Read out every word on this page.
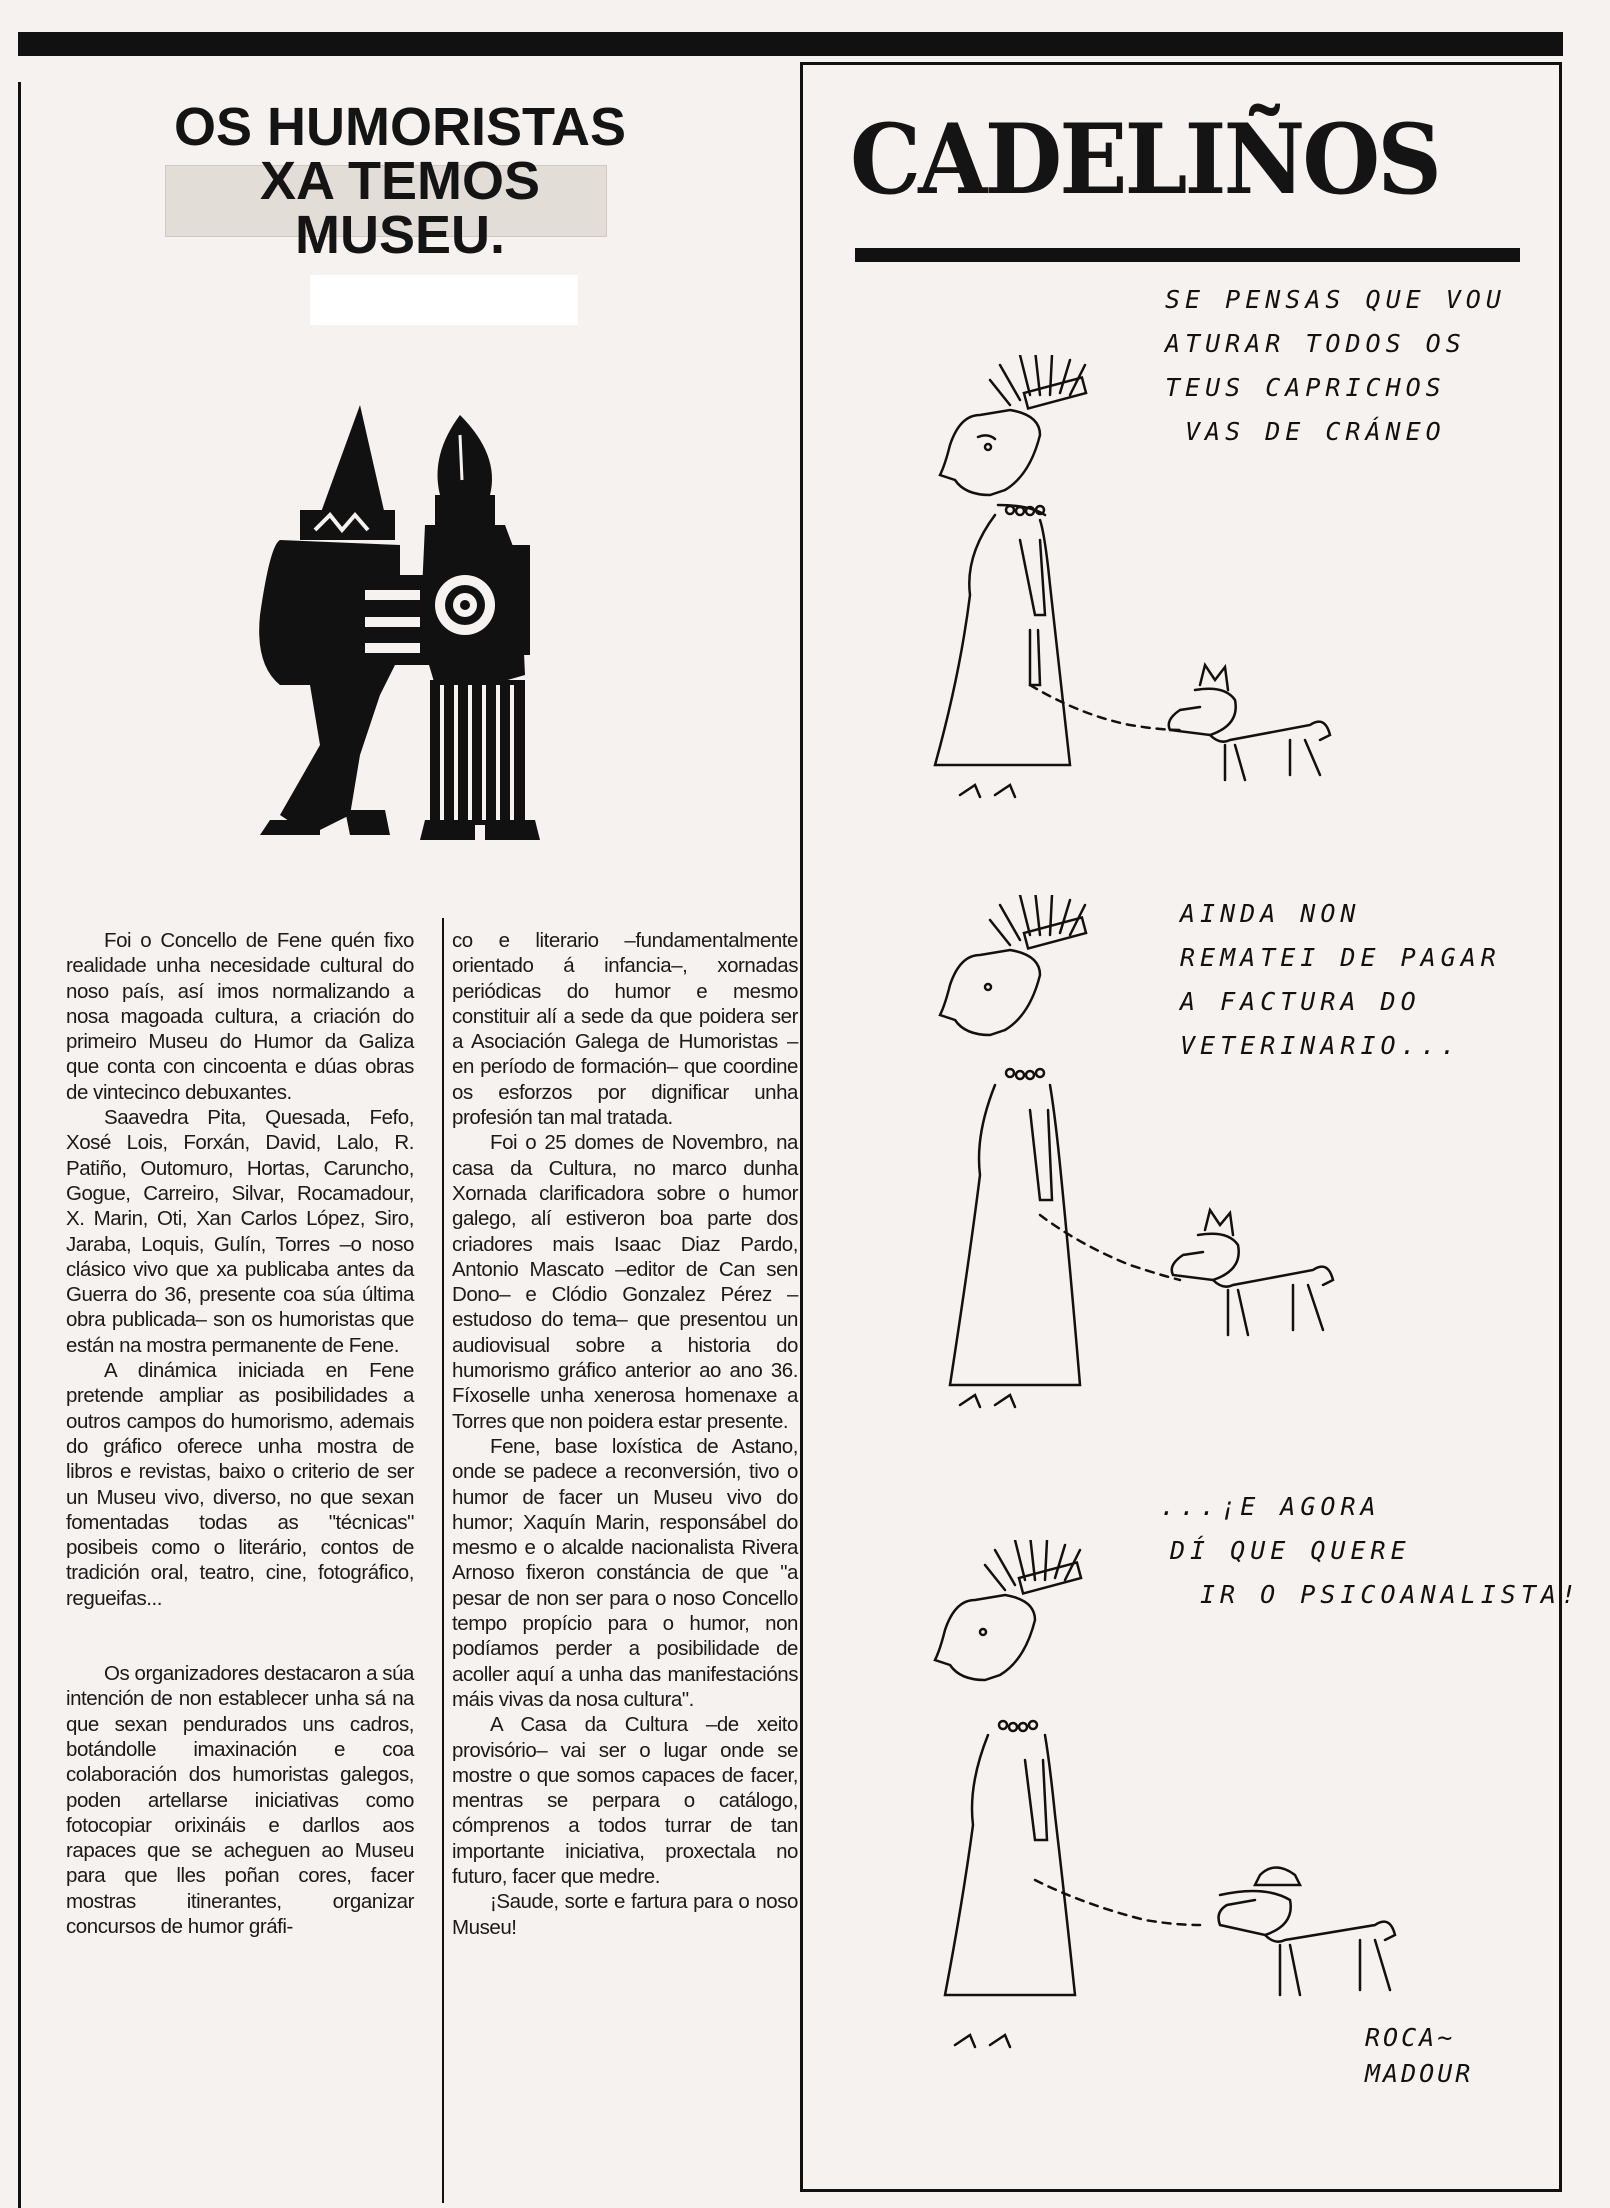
OS HUMORISTAS
XA TEMOS
MUSEU.

Foi o Concello de Fene quén fixo realidade unha necesidade cultural do noso país, así imos normalizando a nosa magoada cultura, a criación do primeiro Museu do Humor da Galiza que conta con cincoenta e dúas obras de vintecinco debuxantes.

Saavedra Pita, Quesada, Fefo, Xosé Lois, Forxán, David, Lalo, R. Patiño, Outomuro, Hortas, Caruncho, Gogue, Carreiro, Silvar, Rocamadour, X. Marin, Oti, Xan Carlos López, Siro, Jaraba, Loquis, Gulín, Torres –o noso clásico vivo que xa publicaba antes da Guerra do 36, presente coa súa última obra publicada– son os humoristas que están na mostra permanente de Fene.

A dinámica iniciada en Fene pretende ampliar as posibilidades a outros campos do humorismo, ademais do gráfico oferece unha mostra de libros e revistas, baixo o criterio de ser un Museu vivo, diverso, no que sexan fomentadas todas as "técnicas" posibeis como o literário, contos de tradición oral, teatro, cine, fotográfico, regueifas...

Os organizadores destacaron a súa intención de non establecer unha sá na que sexan pendurados uns cadros, botándolle imaxinación e coa colaboración dos humoristas galegos, poden artellarse iniciativas como fotocopiar orixináis e darllos aos rapaces que se acheguen ao Museu para que lles poñan cores, facer mostras itinerantes, organizar concursos de humor gráfi-

co e literario –fundamentalmente orientado á infancia–, xornadas periódicas do humor e mesmo constituir alí a sede da que poidera ser a Asociación Galega de Humoristas –en período de formación– que coordine os esforzos por dignificar unha profesión tan mal tratada.

Foi o 25 domes de Novembro, na casa da Cultura, no marco dunha Xornada clarificadora sobre o humor galego, alí estiveron boa parte dos criadores mais Isaac Diaz Pardo, Antonio Mascato –editor de Can sen Dono– e Clódio Gonzalez Pérez –estudoso do tema– que presentou un audiovisual sobre a historia do humorismo gráfico anterior ao ano 36. Fíxoselle unha xenerosa homenaxe a Torres que non poidera estar presente.

Fene, base loxística de Astano, onde se padece a reconversión, tivo o humor de facer un Museu vivo do humor; Xaquín Marin, responsábel do mesmo e o alcalde nacionalista Rivera Arnoso fixeron constáncia de que "a pesar de non ser para o noso Concello tempo propício para o humor, non podíamos perder a posibilidade de acoller aquí a unha das manifestacións máis vivas da nosa cultura".

A Casa da Cultura –de xeito provisório– vai ser o lugar onde se mostre o que somos capaces de facer, mentras se perpara o catálogo, cómprenos a todos turrar de tan importante iniciativa, proxectala no futuro, facer que medre.

¡Saude, sorte e fartura para o noso Museu!

CADELIÑOS
SE PENSAS QUE VOU
ATURAR TODOS OS
TEUS CAPRICHOS
VAS DE CRÁNEO
AINDA NON
REMATEI DE PAGAR
A FACTURA DO
VETERINARIO...
...¡E AGORA
DÍ QUE QUERE
IR O PSICOANALISTA!
ROCA~
MADOUR
